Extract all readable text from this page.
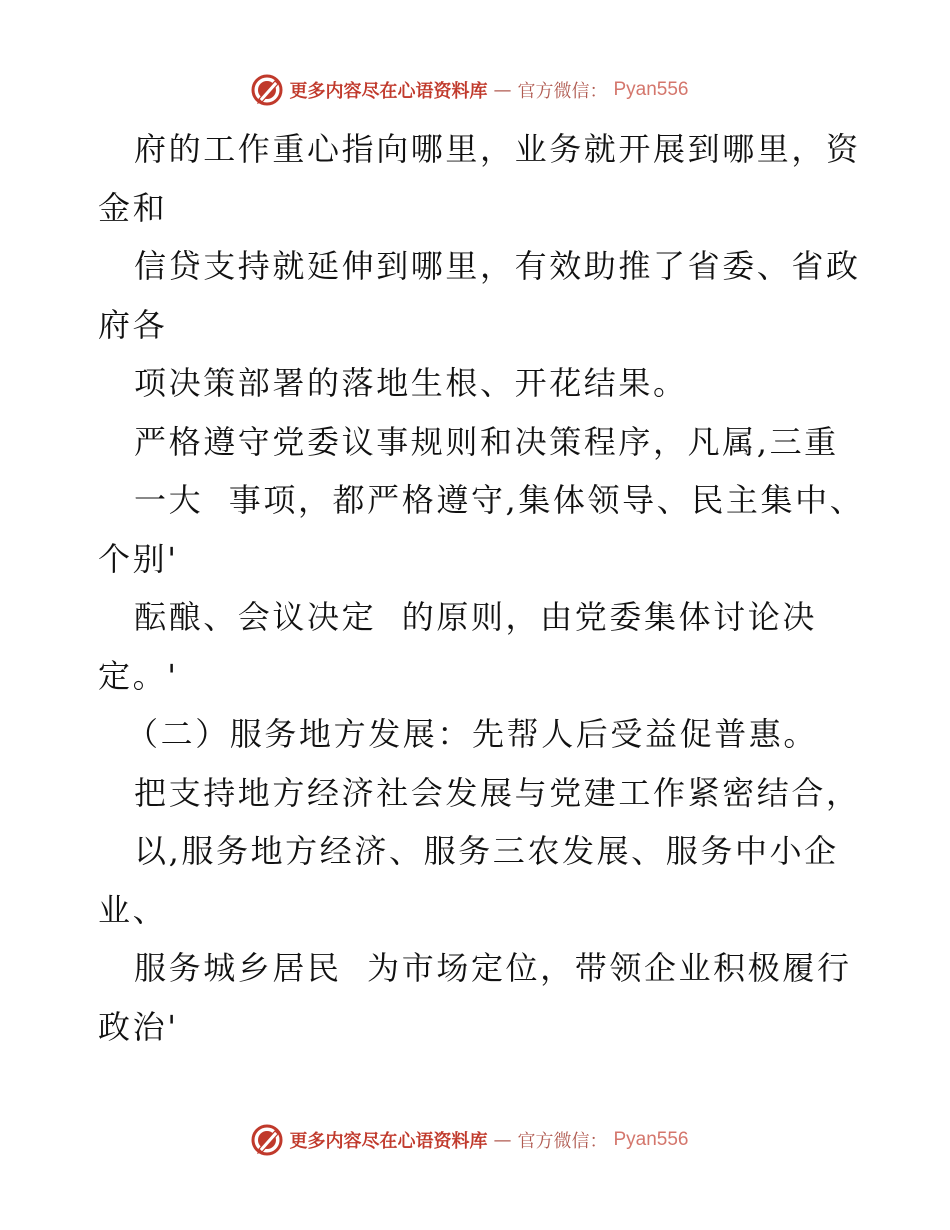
更多内容尽在心语资料库 — 官方微信： Pyan556
府的工作重心指向哪里，业务就开展到哪里，资
金和
信贷支持就延伸到哪里，有效助推了省委、省政
府各
项决策部署的落地生根、开花结果。
严格遵守党委议事规则和决策程序，凡属,三重
一大  事项，都严格遵守,集体领导、民主集中、
个别'
酝酿、会议决定  的原则，由党委集体讨论决
定。'
（二）服务地方发展：先帮人后受益促普惠。
把支持地方经济社会发展与党建工作紧密结合，
以,服务地方经济、服务三农发展、服务中小企
业、
服务城乡居民  为市场定位，带领企业积极履行
政治'
更多内容尽在心语资料库 — 官方微信： Pyan556
